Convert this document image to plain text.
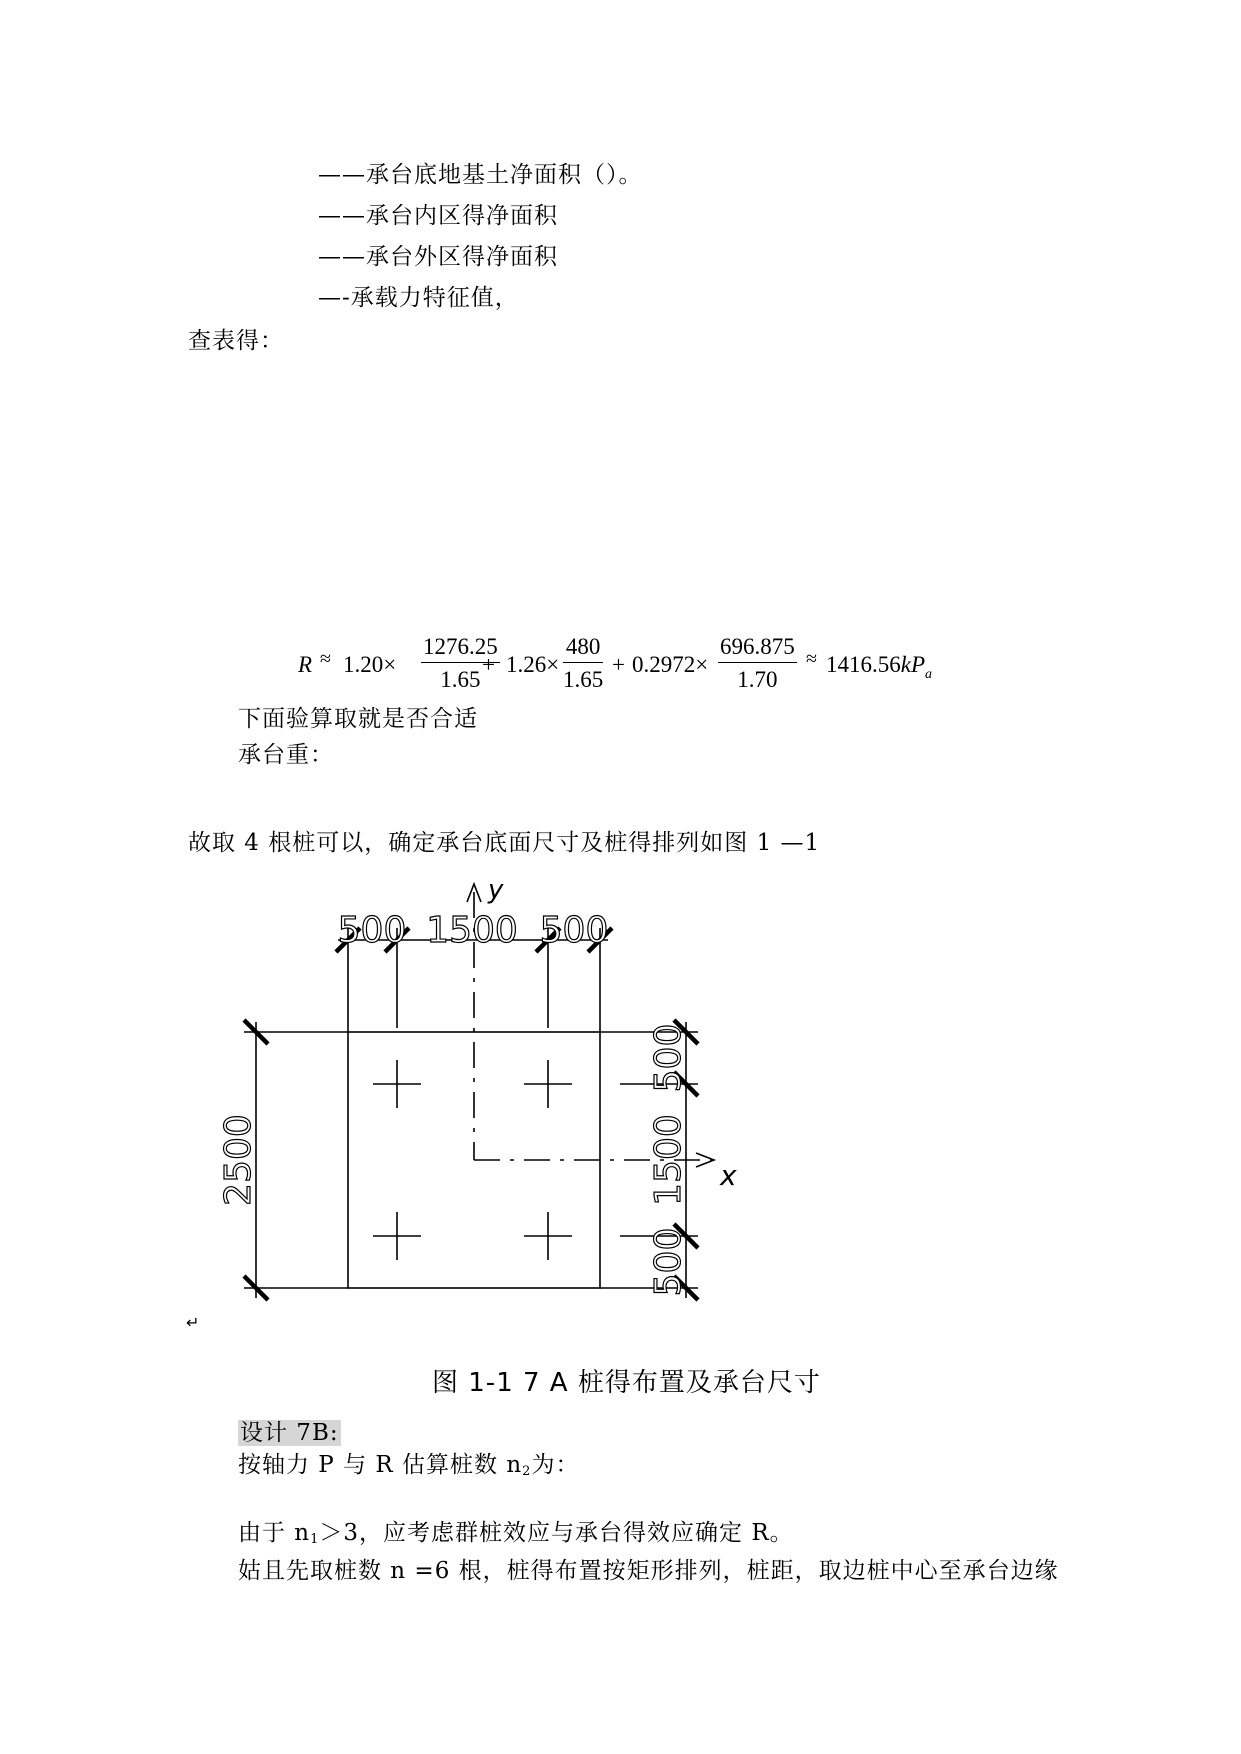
——承台底地基土净面积（）。
——承台内区得净面积
——承台外区得净面积
—-承载力特征值，
查表得：
$R \approx 1.20\times \frac{1276.25}{1.65}$
+ $1.26\times \frac{480}{1.65} + 0.2972\times \frac{696.875}{1.70} \approx 1416.56kP_a$
下面验算取就是否合适
承台重：
故取 4 根桩可以，确定承台底面尺寸及桩得排列如图 1 —1
y
x
500 1500 500
2500
500
1500
500
↵
图 1-1 7 A 桩得布置及承台尺寸
设计 7B:
按轴力 P 与 R 估算桩数 $n_2$为：
由于 $n_1>3$，应考虑群桩效应与承台得效应确定 R。
姑且先取桩数 n =6 根，桩得布置按矩形排列，桩距，取边桩中心至承台边缘
